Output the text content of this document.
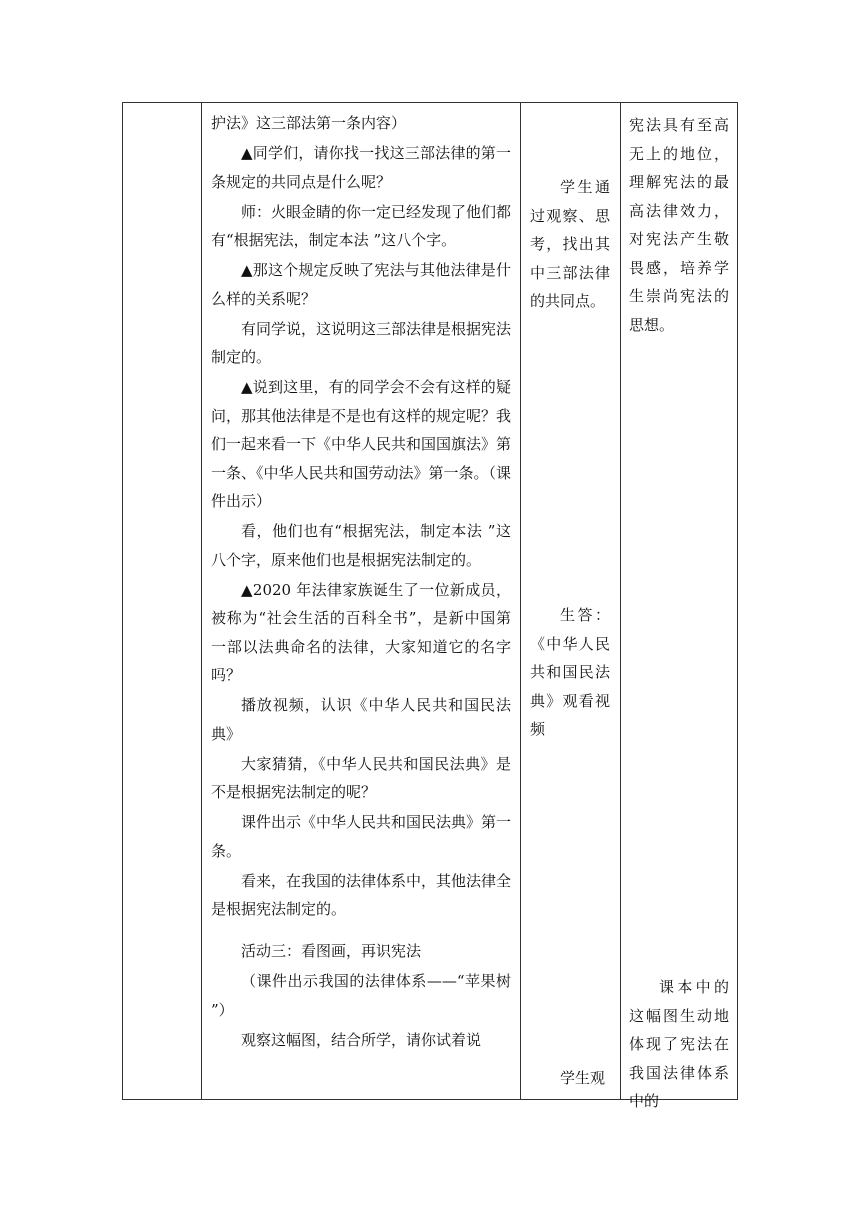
护法》这三部法第一条内容）

▲同学们，请你找一找这三部法律的第一条规定的共同点是什么呢？

师：火眼金睛的你一定已经发现了他们都有“根据宪法，制定本法 ”这八个字。

▲那这个规定反映了宪法与其他法律是什么样的关系呢？

有同学说，这说明这三部法律是根据宪法制定的。

▲说到这里，有的同学会不会有这样的疑问，那其他法律是不是也有这样的规定呢？我们一起来看一下《中华人民共和国国旗法》第一条、《中华人民共和国劳动法》第一条。（课件出示）

看，他们也有“根据宪法，制定本法 ”这八个字，原来他们也是根据宪法制定的。

▲2020 年法律家族诞生了一位新成员，被称为“社会生活的百科全书”，是新中国第一部以法典命名的法律，大家知道它的名字吗？

播放视频，认识《中华人民共和国民法典》

大家猜猜，《中华人民共和国民法典》是不是根据宪法制定的呢？

课件出示《中华人民共和国民法典》第一条。

看来，在我国的法律体系中，其他法律全是根据宪法制定的。

活动三：看图画，再识宪法

（课件出示我国的法律体系——“苹果树 ”）

观察这幅图，结合所学，请你试着说

学生通过观察、思考，找出其中三部法律的共同点。

生答：《中华人民共和国民法典》观看视频

学生观

宪法具有至高无上的地位，理解宪法的最高法律效力，对宪法产生敬畏感，培养学生崇尚宪法的思想。

课本中的这幅图生动地体现了宪法在我国法律体系中的
